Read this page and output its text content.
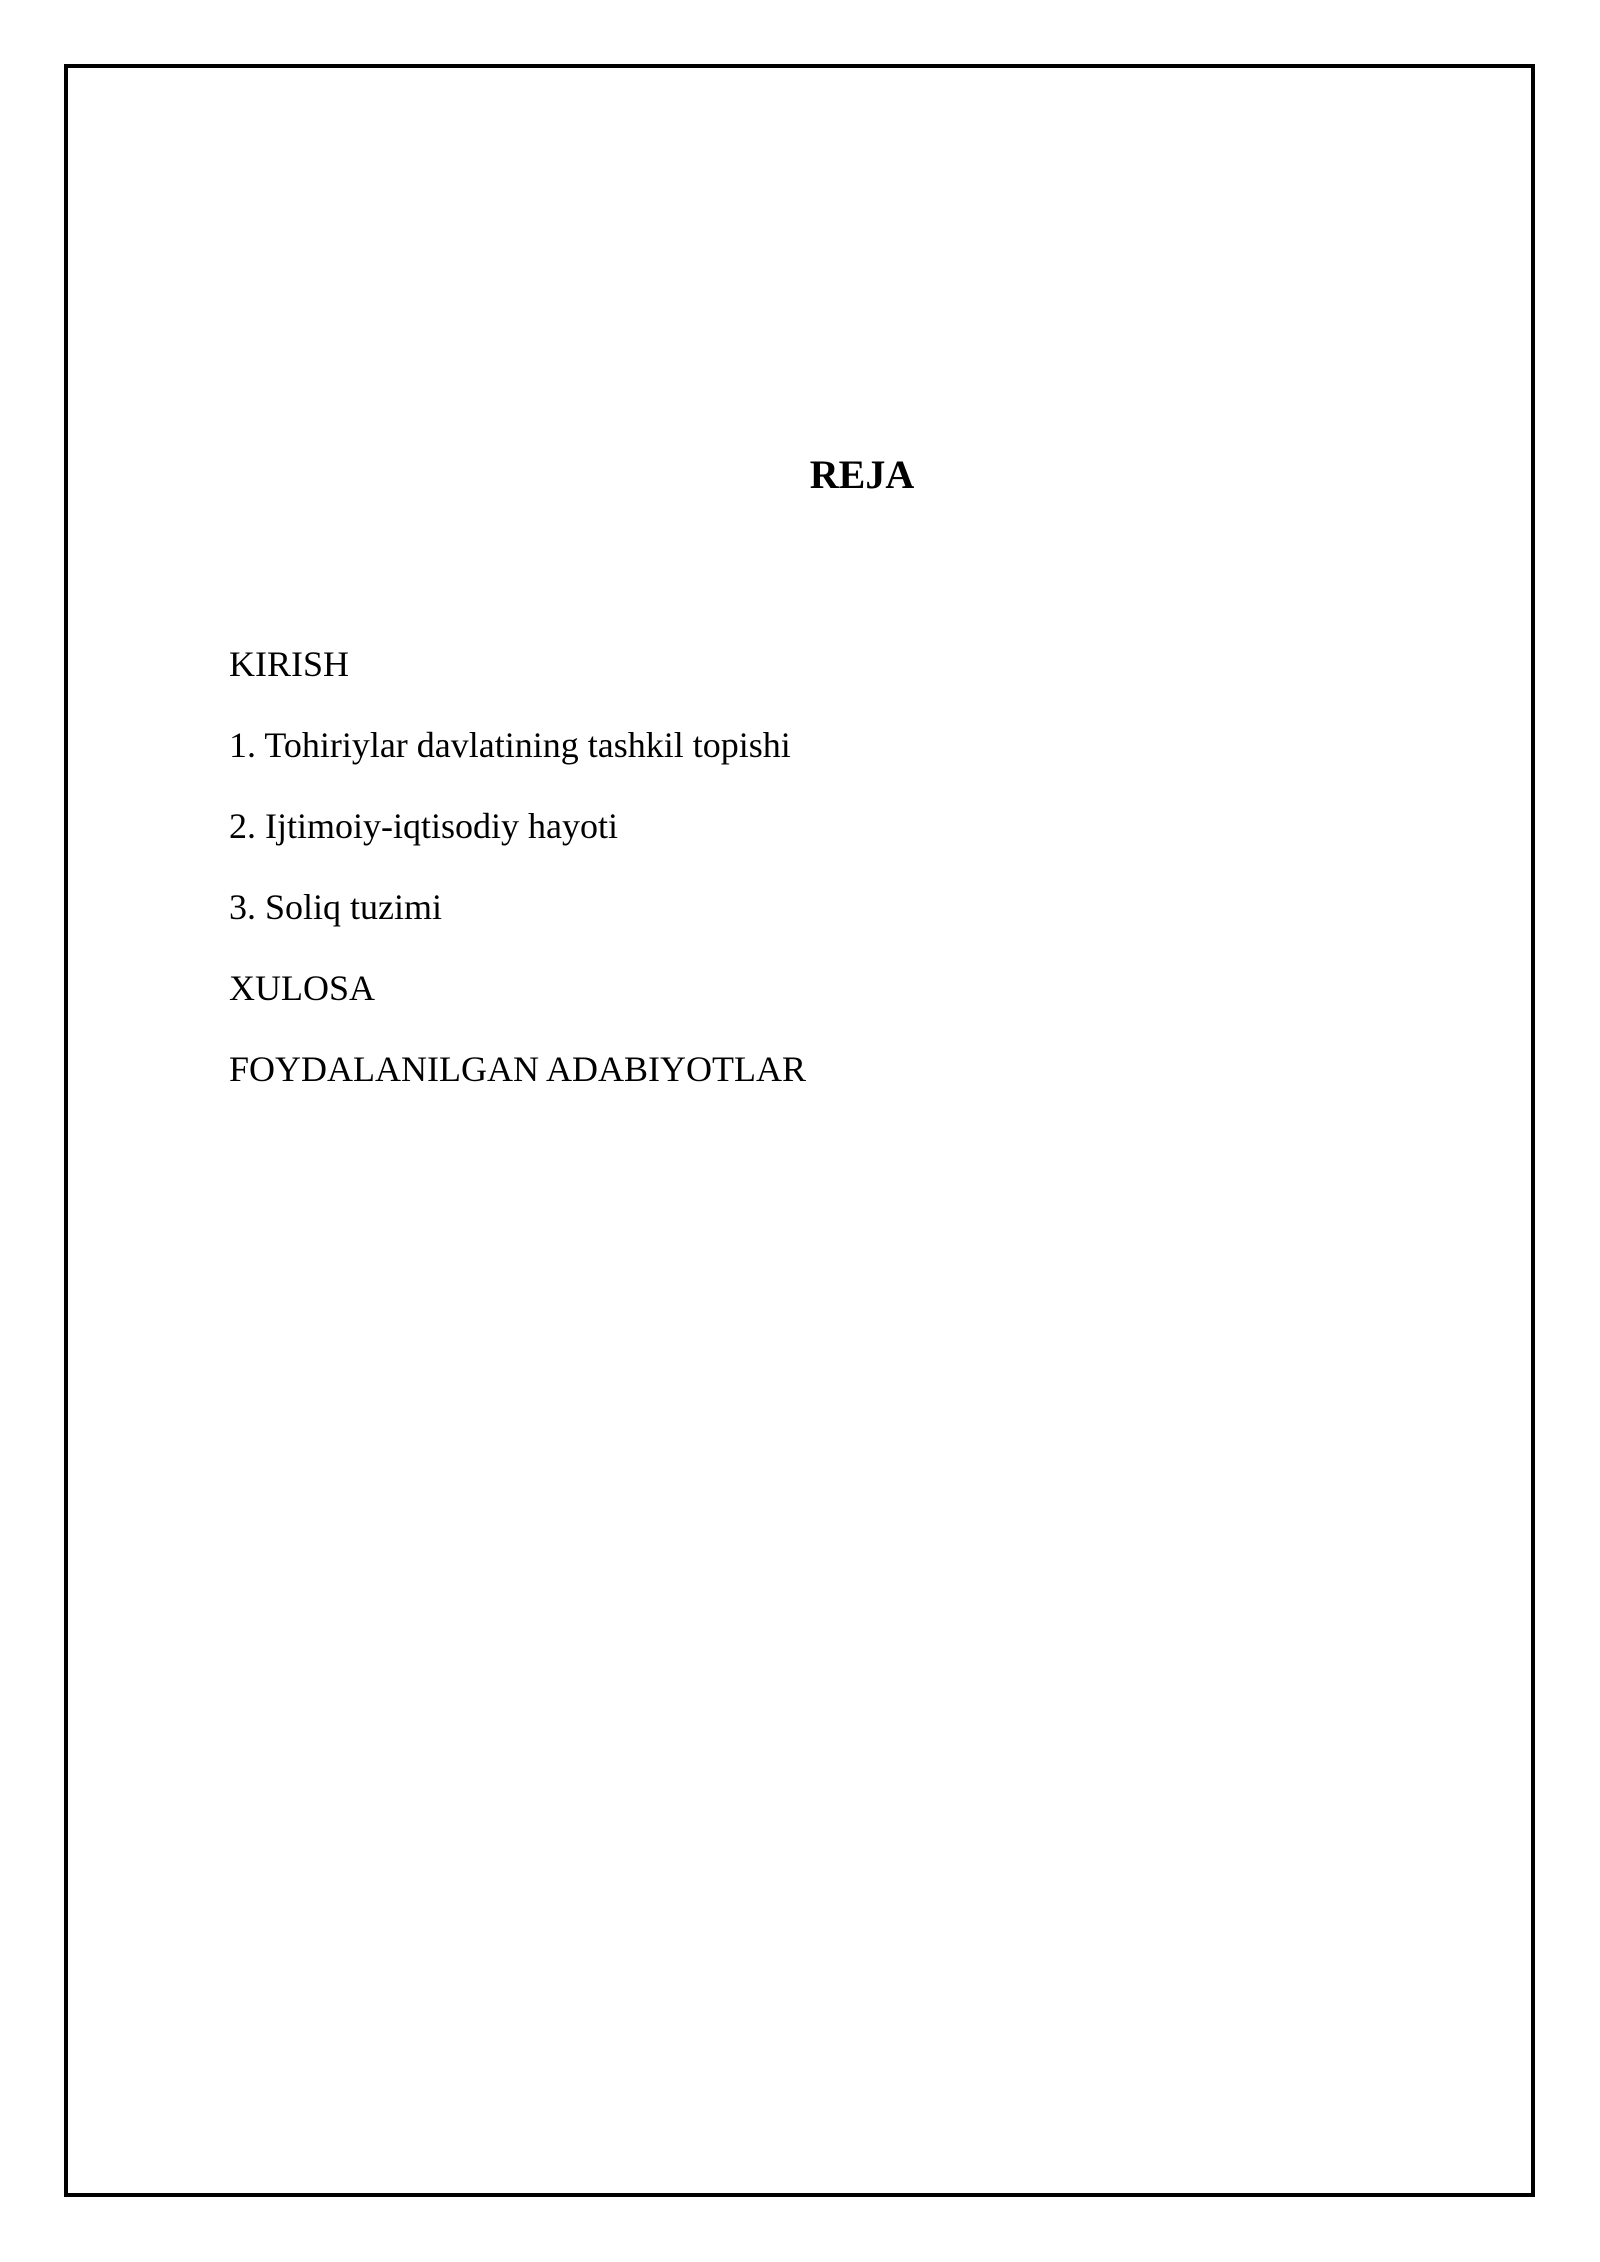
REJA
KIRISH
1. Tohiriylar davlatining tashkil topishi
2. Ijtimoiy-iqtisodiy hayoti
3. Soliq tuzimi
XULOSA
FOYDALANILGAN ADABIYOTLAR
